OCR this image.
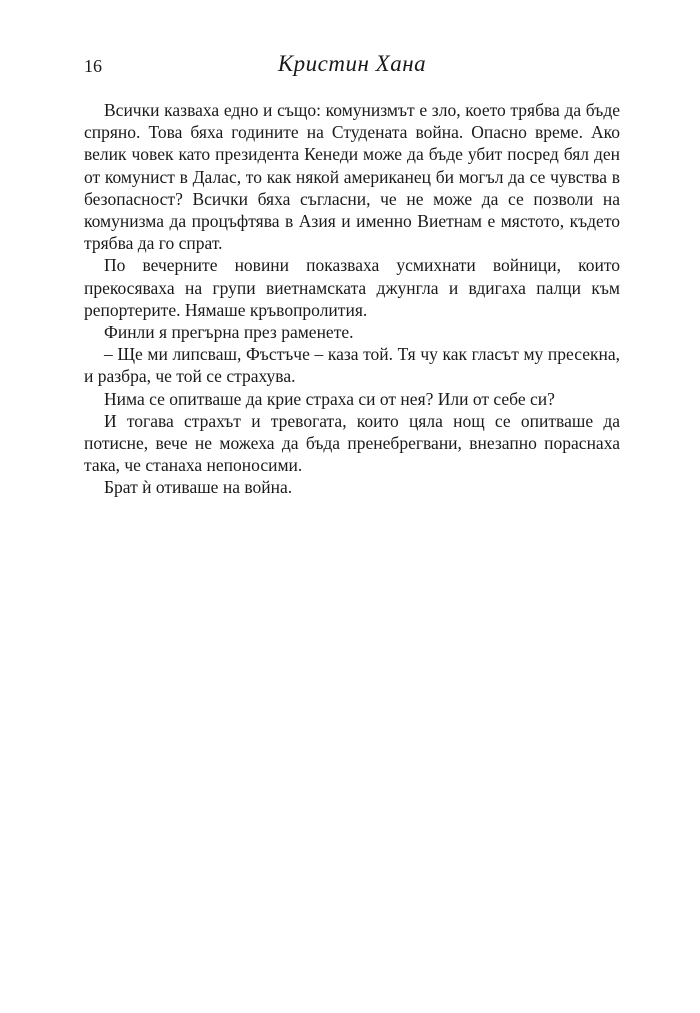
16	Кристин Хана

Всички казваха едно и също: комунизмът е зло, което трябва да бъде спряно. Това бяха годините на Студената война. Опасно време. Ако велик човек като президента Кенеди може да бъде убит посред бял ден от комунист в Далас, то как някой американец би могъл да се чувства в безопасност? Всички бяха съгласни, че не може да се позволи на комунизма да процъфтява в Азия и именно Виетнам е мястото, където трябва да го спрат.

По вечерните новини показваха усмихнати войници, които прекосяваха на групи виетнамската джунгла и вдигаха палци към репортерите. Нямаше кръвопролития.

Финли я прегърна през раменете.

– Ще ми липсваш, Фъстъче – каза той. Тя чу как гласът му пресекна, и разбра, че той се страхува.

Нима се опитваше да крие страха си от нея? Или от себе си?

И тогава страхът и тревогата, които цяла нощ се опитваше да потисне, вече не можеха да бъда пренебрегвани, внезапно пораснаха така, че станаха непоносими.

Брат ѝ отиваше на война.
